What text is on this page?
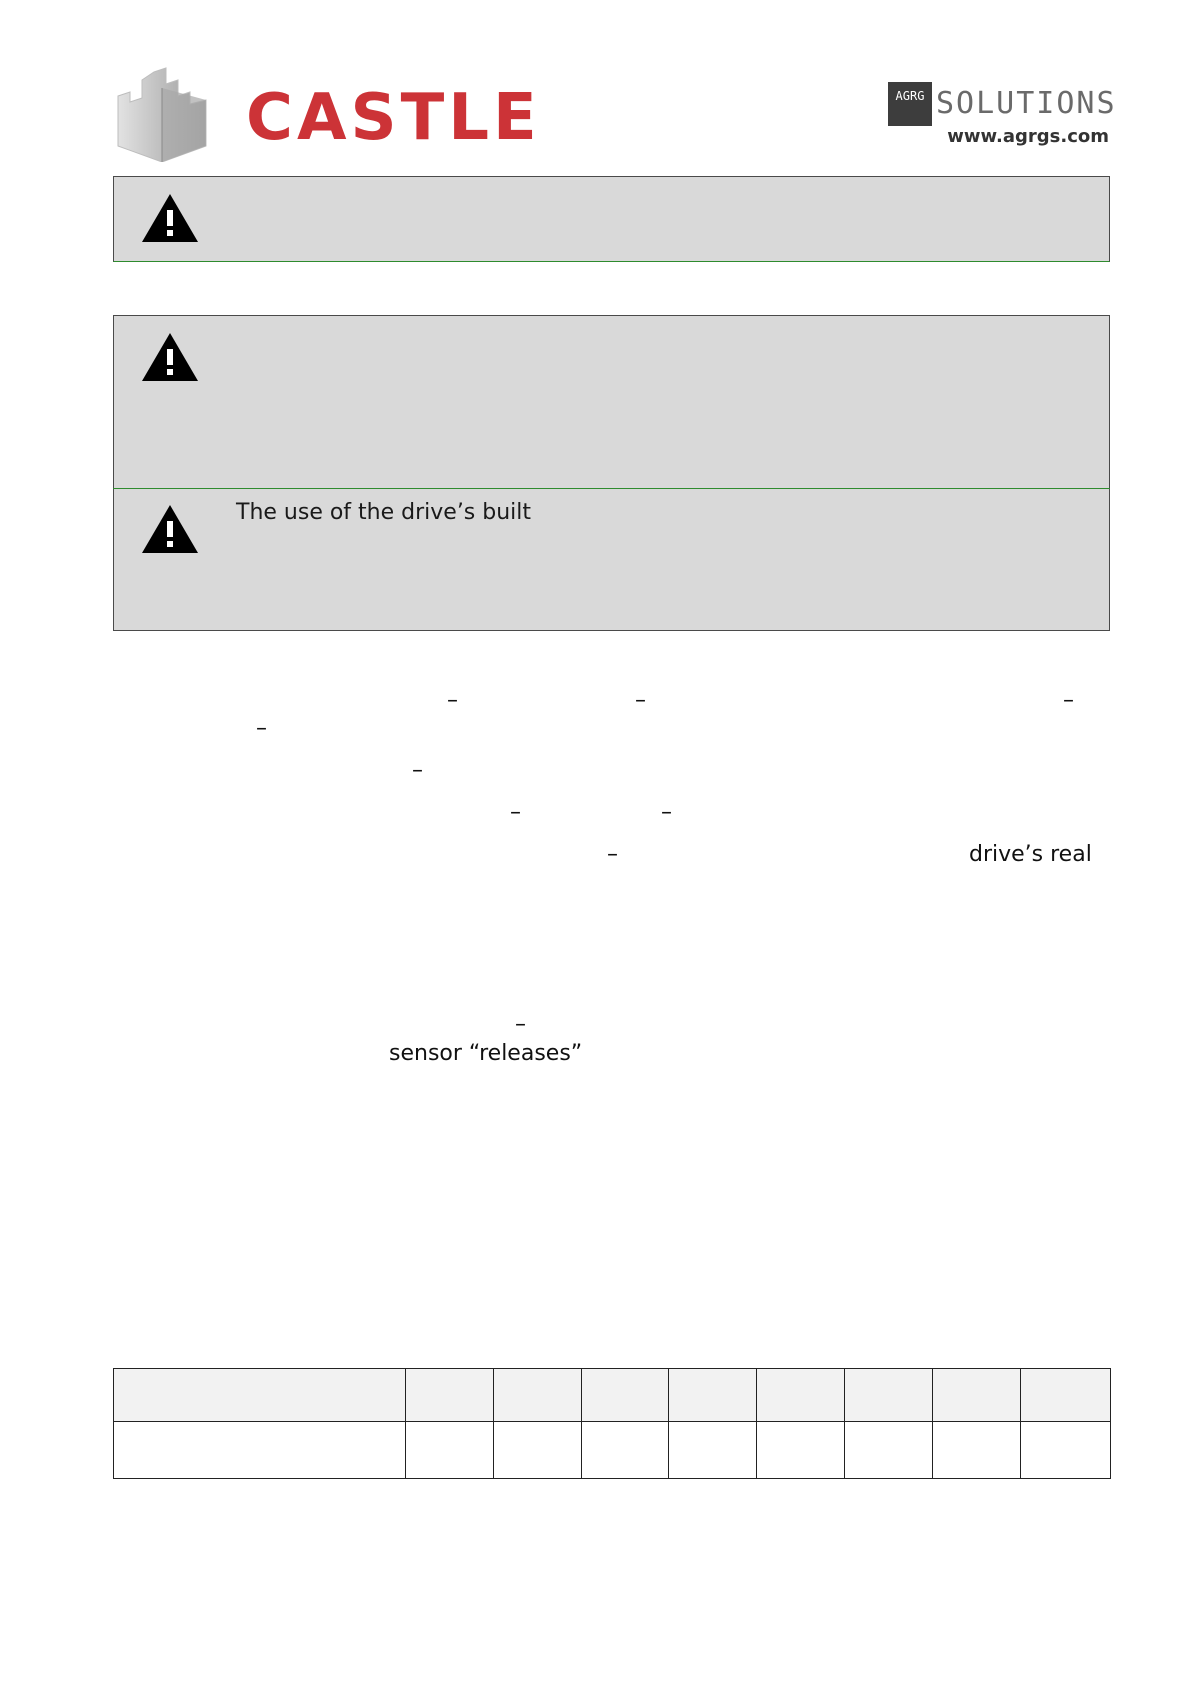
CASTLE	AGRG SOLUTIONS
www.agrgs.com
The use of the drive’s built
–	–	–
–
–
–	–
–	drive’s real
–
sensor “releases”
